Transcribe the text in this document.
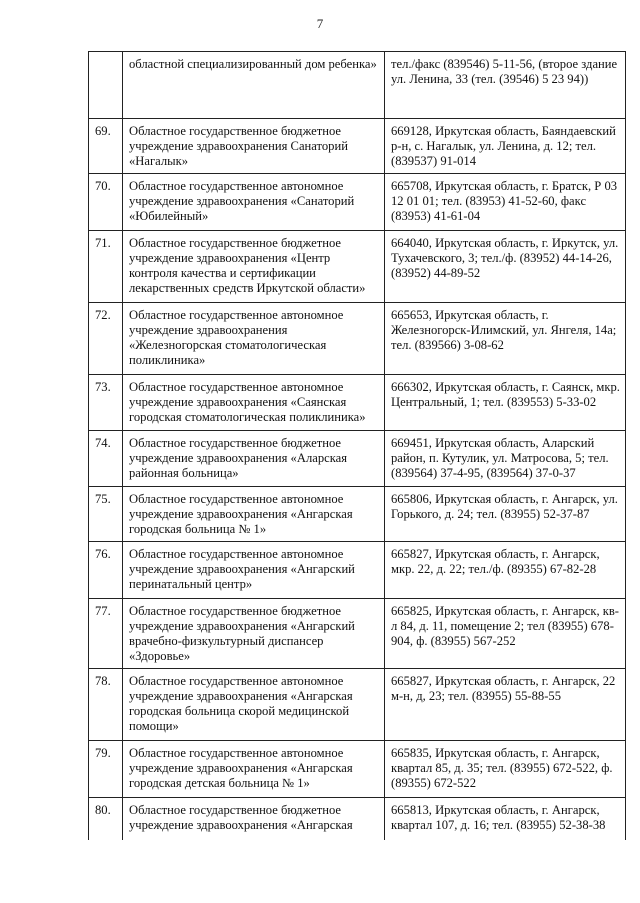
7
	областной специализированный дом ребенка»	тел./факс (839546) 5-11-56, (второе здание ул. Ленина, 33 (тел. (39546) 5 23 94))
69.	Областное государственное бюджетное учреждение здравоохранения Санаторий «Нагалык»	669128, Иркутская область, Баяндаевский р-н, с. Нагалык, ул. Ленина, д. 12; тел. (839537) 91-014
70.	Областное государственное автономное учреждение здравоохранения «Санаторий «Юбилейный»	665708, Иркутская область, г. Братск, Р 03 12 01 01; тел. (83953) 41-52-60, факс (83953) 41-61-04
71.	Областное государственное бюджетное учреждение здравоохранения «Центр контроля качества и сертификации лекарственных средств Иркутской области»	664040, Иркутская область, г. Иркутск, ул. Тухачевского, 3; тел./ф. (83952) 44-14-26, (83952) 44-89-52
72.	Областное государственное автономное учреждение здравоохранения «Железногорская стоматологическая поликлиника»	665653, Иркутская область, г. Железногорск-Илимский, ул. Янгеля, 14а; тел. (839566) 3-08-62
73.	Областное государственное автономное учреждение здравоохранения «Саянская городская стоматологическая поликлиника»	666302, Иркутская область, г. Саянск, мкр. Центральный, 1; тел. (839553) 5-33-02
74.	Областное государственное бюджетное учреждение здравоохранения «Аларская районная больница»	669451, Иркутская область, Аларский район, п. Кутулик, ул. Матросова, 5; тел. (839564) 37-4-95, (839564) 37-0-37
75.	Областное государственное автономное учреждение здравоохранения «Ангарская городская больница № 1»	665806, Иркутская область, г. Ангарск, ул. Горького, д. 24; тел. (83955) 52-37-87
76.	Областное государственное автономное учреждение здравоохранения «Ангарский перинатальный центр»	665827, Иркутская область, г. Ангарск, мкр. 22, д. 22; тел./ф. (89355) 67-82-28
77.	Областное государственное бюджетное учреждение здравоохранения «Ангарский врачебно-физкультурный диспансер «Здоровье»	665825, Иркутская область, г. Ангарск, кв-л 84, д. 11, помещение 2; тел (83955) 678-904, ф. (83955) 567-252
78.	Областное государственное автономное учреждение здравоохранения «Ангарская городская больница скорой медицинской помощи»	665827, Иркутская область, г. Ангарск, 22 м-н, д, 23; тел. (83955) 55-88-55
79.	Областное государственное автономное учреждение здравоохранения «Ангарская городская детская больница № 1»	665835, Иркутская область, г. Ангарск, квартал 85, д. 35; тел. (83955) 672-522, ф. (89355) 672-522
80.	Областное государственное бюджетное учреждение здравоохранения «Ангарская	665813, Иркутская область, г. Ангарск, квартал 107, д. 16; тел. (83955) 52-38-38
